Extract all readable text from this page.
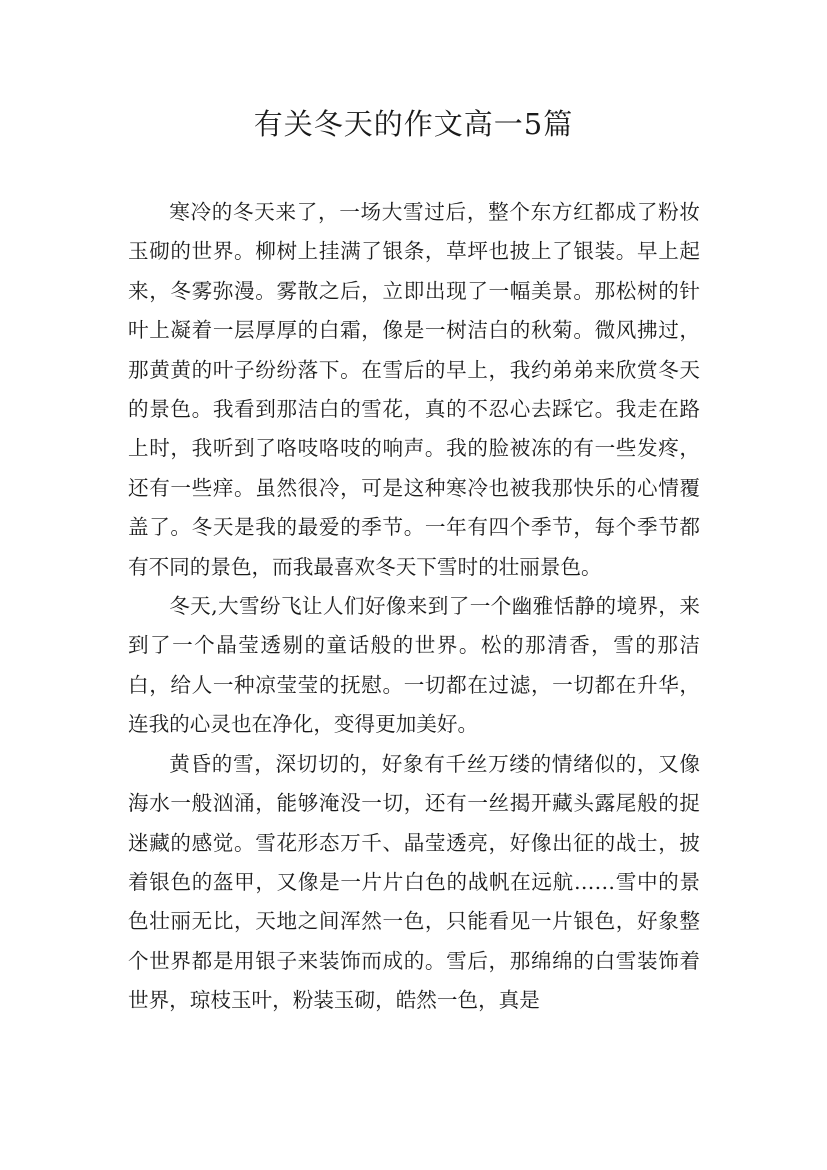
有关冬天的作文高一5篇

寒冷的冬天来了，一场大雪过后，整个东方红都成了粉妆玉砌的世界。柳树上挂满了银条，草坪也披上了银装。早上起来，冬雾弥漫。雾散之后，立即出现了一幅美景。那松树的针叶上凝着一层厚厚的白霜，像是一树洁白的秋菊。微风拂过，那黄黄的叶子纷纷落下。在雪后的早上，我约弟弟来欣赏冬天的景色。我看到那洁白的雪花，真的不忍心去踩它。我走在路上时，我听到了咯吱咯吱的响声。我的脸被冻的有一些发疼，还有一些痒。虽然很冷，可是这种寒冷也被我那快乐的心情覆盖了。冬天是我的最爱的季节。一年有四个季节，每个季节都有不同的景色，而我最喜欢冬天下雪时的壮丽景色。

冬天,大雪纷飞让人们好像来到了一个幽雅恬静的境界，来到了一个晶莹透剔的童话般的世界。松的那清香，雪的那洁白，给人一种凉莹莹的抚慰。一切都在过滤，一切都在升华，连我的心灵也在净化，变得更加美好。

黄昏的雪，深切切的，好象有千丝万缕的情绪似的，又像海水一般汹涌，能够淹没一切，还有一丝揭开藏头露尾般的捉迷藏的感觉。雪花形态万千、晶莹透亮，好像出征的战士，披着银色的盔甲，又像是一片片白色的战帆在远航……雪中的景色壮丽无比，天地之间浑然一色，只能看见一片银色，好象整个世界都是用银子来装饰而成的。雪后，那绵绵的白雪装饰着世界，琼枝玉叶，粉装玉砌，皓然一色，真是
